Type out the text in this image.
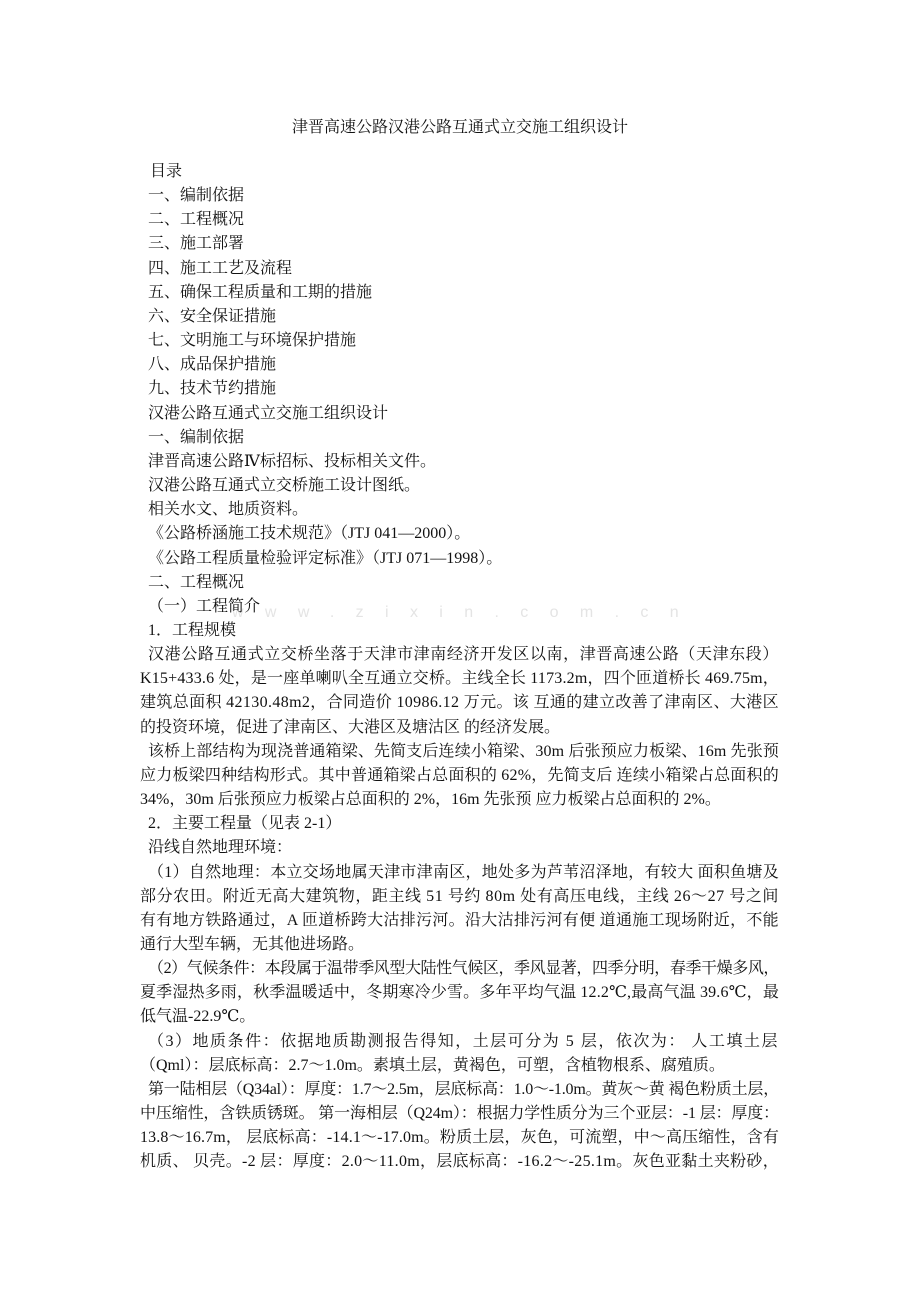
www.zixin.com.cn
津晋高速公路汉港公路互通式立交施工组织设计
目录
一、编制依据
二、工程概况
三、施工部署
四、施工工艺及流程
五、确保工程质量和工期的措施
六、安全保证措施
七、文明施工与环境保护措施
八、成品保护措施
九、技术节约措施
汉港公路互通式立交施工组织设计
一、编制依据
津晋高速公路Ⅳ标招标、投标相关文件。
汉港公路互通式立交桥施工设计图纸。
相关水文、地质资料。
《公路桥涵施工技术规范》（JTJ 041—2000）。
《公路工程质量检验评定标准》（JTJ 071—1998）。
二、工程概况
（一）工程简介
1．工程规模
汉港公路互通式立交桥坐落于天津市津南经济开发区以南，津晋高速公路（天津东段）
K15+433.6 处，是一座单喇叭全互通立交桥。主线全长 1173.2m，四个匝道桥长 469.75m，
建筑总面积 42130.48m2，合同造价 10986.12 万元。该 互通的建立改善了津南区、大港区
的投资环境，促进了津南区、大港区及塘沽区 的经济发展。
该桥上部结构为现浇普通箱梁、先简支后连续小箱梁、30m 后张预应力板梁、16m 先张预
应力板梁四种结构形式。其中普通箱梁占总面积的 62%，先简支后 连续小箱梁占总面积的
34%，30m 后张预应力板梁占总面积的 2%，16m 先张预 应力板梁占总面积的 2%。
2．主要工程量（见表 2-1）
沿线自然地理环境：
（1）自然地理：本立交场地属天津市津南区，地处多为芦苇沼泽地，有较大 面积鱼塘及
部分农田。附近无高大建筑物，距主线 51 号约 80m 处有高压电线，主线 26～27 号之间
有有地方铁路通过，A 匝道桥跨大沽排污河。沿大沽排污河有便 道通施工现场附近，不能
通行大型车辆，无其他进场路。
（2）气候条件：本段属于温带季风型大陆性气候区，季风显著，四季分明，春季干燥多风，
夏季湿热多雨，秋季温暖适中，冬期寒冷少雪。多年平均气温 12.2℃,最高气温 39.6℃，最
低气温-22.9℃。
（3）地质条件：依据地质勘测报告得知，土层可分为 5 层，依次为： 人工填土层
（Qml）：层底标高：2.7～1.0m。素填土层，黄褐色，可塑，含植物根系、腐殖质。
第一陆相层（Q34al）：厚度：1.7～2.5m，层底标高：1.0～-1.0m。黄灰～黄 褐色粉质土层，
中压缩性，含铁质锈斑。 第一海相层（Q24m）：根据力学性质分为三个亚层：-1 层：厚度：
13.8～16.7m， 层底标高：-14.1～-17.0m。粉质土层，灰色，可流塑，中～高压缩性，含有
机质、 贝壳。-2 层：厚度：2.0～11.0m，层底标高：-16.2～-25.1m。灰色亚黏土夹粉砂，
